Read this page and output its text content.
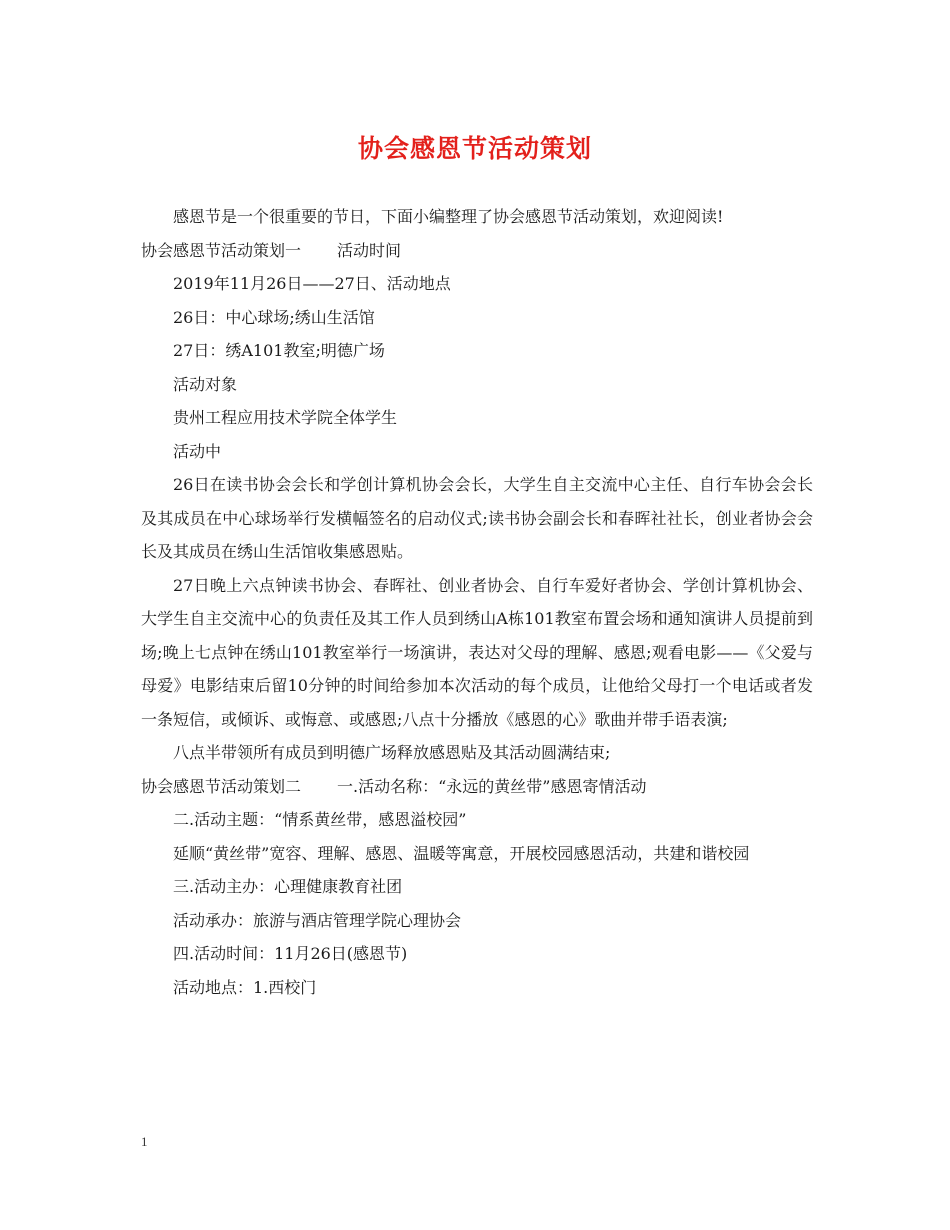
协会感恩节活动策划

感恩节是一个很重要的节日，下面小编整理了协会感恩节活动策划，欢迎阅读!

协会感恩节活动策划一 活动时间

2019年11月26日——27日、活动地点

26日：中心球场;绣山生活馆

27日：绣A101教室;明德广场

活动对象

贵州工程应用技术学院全体学生

活动中

26日在读书协会会长和学创计算机协会会长，大学生自主交流中心主任、自行车协会会长及其成员在中心球场举行发横幅签名的启动仪式;读书协会副会长和春晖社社长，创业者协会会长及其成员在绣山生活馆收集感恩贴。

27日晚上六点钟读书协会、春晖社、创业者协会、自行车爱好者协会、学创计算机协会、大学生自主交流中心的负责任及其工作人员到绣山A栋101教室布置会场和通知演讲人员提前到场;晚上七点钟在绣山101教室举行一场演讲，表达对父母的理解、感恩;观看电影——《父爱与母爱》电影结束后留10分钟的时间给参加本次活动的每个成员，让他给父母打一个电话或者发一条短信，或倾诉、或悔意、或感恩;八点十分播放《感恩的心》歌曲并带手语表演;

八点半带领所有成员到明德广场释放感恩贴及其活动圆满结束;

协会感恩节活动策划二 一.活动名称：“永远的黄丝带”感恩寄情活动

二.活动主题：“情系黄丝带，感恩溢校园”

延顺“黄丝带”宽容、理解、感恩、温暖等寓意，开展校园感恩活动，共建和谐校园

三.活动主办：心理健康教育社团

活动承办：旅游与酒店管理学院心理协会

四.活动时间：11月26日(感恩节)

活动地点：1.西校门

1
